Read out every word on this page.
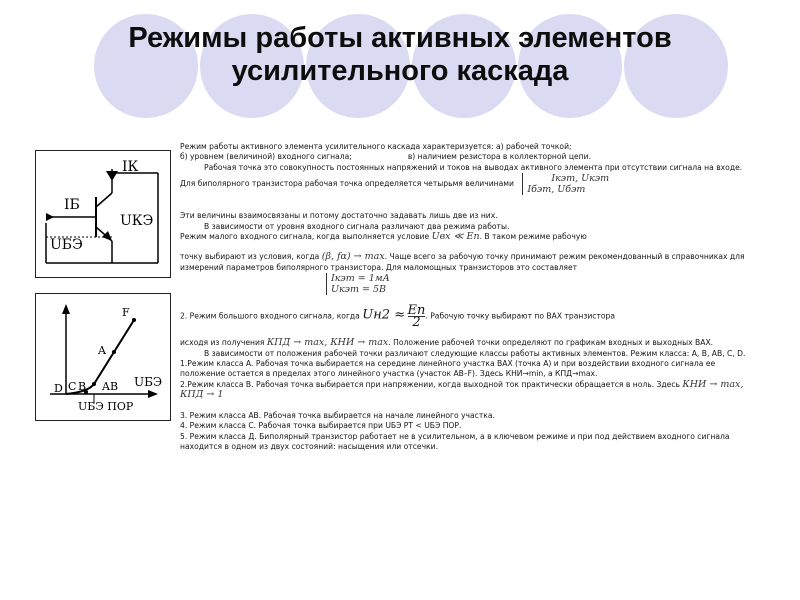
Режимы работы активных элементов
усилительного каскада
IК
IБ
UКЭ
UБЭ
F
A
AB
D C B	UБЭ
UБЭ ПОР

Режим работы активного элемента усилительного каскада характеризуется: а) рабочей точкой;

б) уровнем (величиной) входного сигнала;	в) наличием резистора в коллекторной цепи.

Рабочая точка это совокупность постоянных напряжений и токов на выводах активного элемента при отсутствии сигнала на входе. Для биполярного транзистора рабочая точка определяется четырьмя величинами	Iкэт, Uкэт
Iбэт, Uбэт

Эти величины взаимосвязаны и потому достаточно задавать лишь две из них.

В зависимости от уровня входного сигнала различают два режима работы.

Режим малого входного сигнала, когда выполняется условие Uвх ≪ Eп. В таком режиме рабочую

точку выбирают из условия, когда (β, fα) → max. Чаще всего за рабочую точку принимают режим рекомендованный в справочниках для измерений параметров биполярного транзистора. Для маломощных транзисторов это составляет

Iкэт = 1мА
Uкэт = 5В

2. Режим большого входного сигнала, когда $Uн2 \approx \frac{Eп}{2}$ . Рабочую точку выбирают по ВАХ транзистора

исходя из получения КПД → max, КНИ → max. Положение рабочей точки определяют по графикам входных и выходных ВАХ.

В зависимости от положения рабочей точки различают следующие классы работы активных элементов. Режим класса: A, B, AB, C, D.

1.Режим класса A. Рабочая точка выбирается на середине линейного участка ВАХ (точка А) и при воздействии входного сигнала ее положение остается в пределах этого линейного участка (участок АВ–F). Здесь КНИ→min, а КПД→max.

2.Режим класса B. Рабочая точка выбирается при напряжении, когда выходной ток практически обращается в ноль. Здесь КНИ → max, КПД → 1

3. Режим класса AB. Рабочая точка выбирается на начале линейного участка.

4. Режим класса C. Рабочая точка выбирается при UБЭ РТ < UБЭ ПОР.

5. Режим класса Д. Биполярный транзистор работает не в усилительном, а в ключевом режиме и при под действием входного сигнала находится в одном из двух состояний: насыщения или отсечки.
